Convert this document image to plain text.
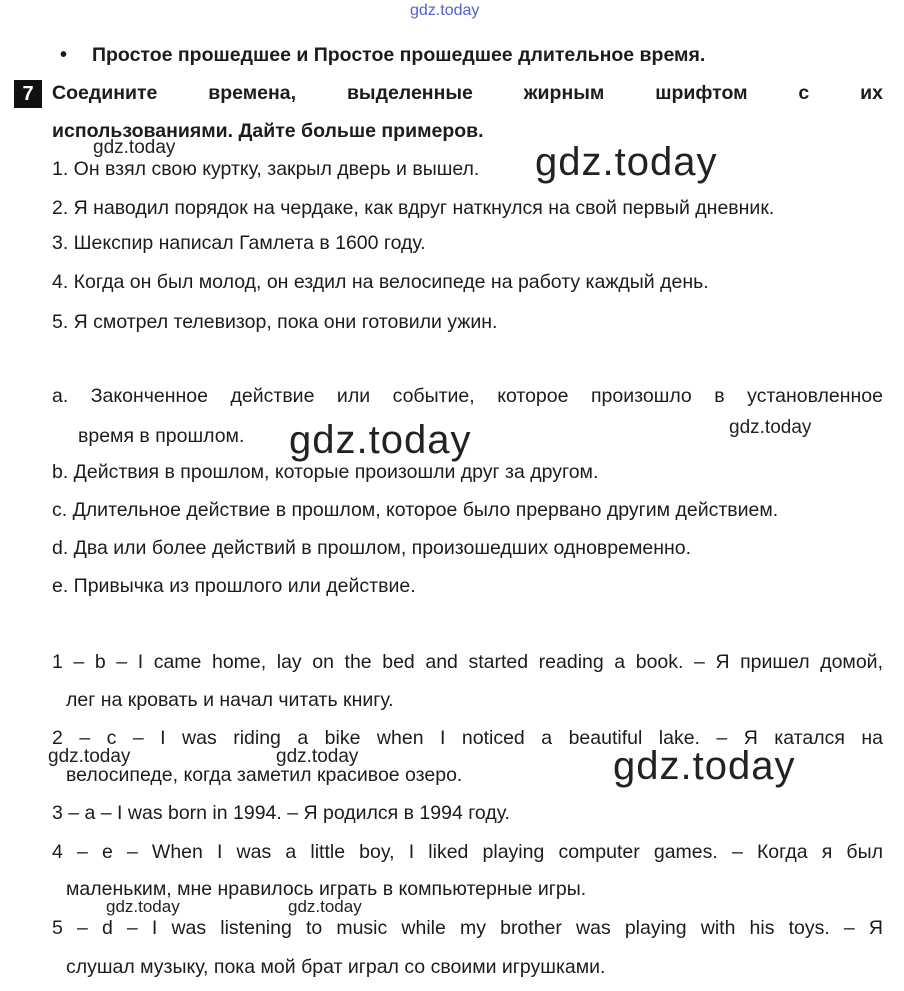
gdz.today
• Простое прошедшее и Простое прошедшее длительное время.
7 Соедините времена, выделенные жирным шрифтом с их
использованиями. Дайте больше примеров.
1. Он взял свою куртку, закрыл дверь и вышел.
2. Я наводил порядок на чердаке, как вдруг наткнулся на свой первый дневник.
3. Шекспир написал Гамлета в 1600 году.
4. Когда он был молод, он ездил на велосипеде на работу каждый день.
5. Я смотрел телевизор, пока они готовили ужин.
a. Законченное действие или событие, которое произошло в установленное
время в прошлом.
b. Действия в прошлом, которые произошли друг за другом.
c. Длительное действие в прошлом, которое было прервано другим действием.
d. Два или более действий в прошлом, произошедших одновременно.
e. Привычка из прошлого или действие.
1 – b – I came home, lay on the bed and started reading a book. – Я пришел домой,
лег на кровать и начал читать книгу.
2 – c – I was riding a bike when I noticed a beautiful lake. – Я катался на
велосипеде, когда заметил красивое озеро.
3 – a – I was born in 1994. – Я родился в 1994 году.
4 – e – When I was a little boy, I liked playing computer games. – Когда я был
маленьким, мне нравилось играть в компьютерные игры.
5 – d – I was listening to music while my brother was playing with his toys. – Я
слушал музыку, пока мой брат играл со своими игрушками.
gdz.today	gdz.today
gdz.today	gdz.today
gdz.today	gdz.today	gdz.today
gdz.today	gdz.today
